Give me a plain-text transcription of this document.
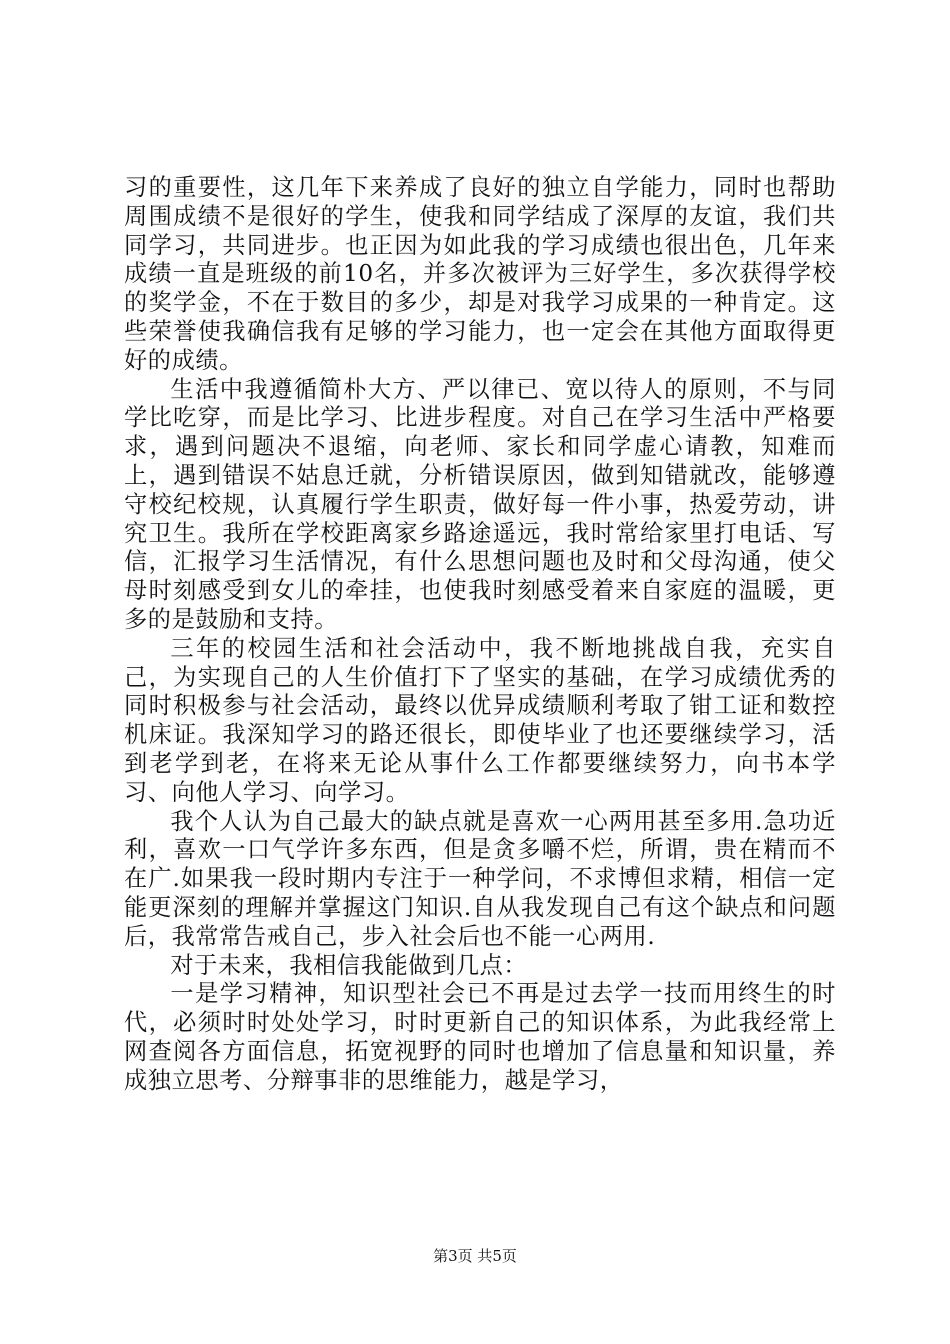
习的重要性，这几年下来养成了良好的独立自学能力，同时也帮助周围成绩不是很好的学生，使我和同学结成了深厚的友谊，我们共同学习，共同进步。也正因为如此我的学习成绩也很出色，几年来成绩一直是班级的前10名，并多次被评为三好学生，多次获得学校的奖学金，不在于数目的多少，却是对我学习成果的一种肯定。这些荣誉使我确信我有足够的学习能力，也一定会在其他方面取得更好的成绩。

生活中我遵循简朴大方、严以律已、宽以待人的原则，不与同学比吃穿，而是比学习、比进步程度。对自己在学习生活中严格要求，遇到问题决不退缩，向老师、家长和同学虚心请教，知难而上，遇到错误不姑息迁就，分析错误原因，做到知错就改，能够遵守校纪校规，认真履行学生职责，做好每一件小事，热爱劳动，讲究卫生。我所在学校距离家乡路途遥远，我时常给家里打电话、写信，汇报学习生活情况，有什么思想问题也及时和父母沟通，使父母时刻感受到女儿的牵挂，也使我时刻感受着来自家庭的温暖，更多的是鼓励和支持。

三年的校园生活和社会活动中，我不断地挑战自我，充实自己，为实现自己的人生价值打下了坚实的基础，在学习成绩优秀的同时积极参与社会活动，最终以优异成绩顺利考取了钳工证和数控机床证。我深知学习的路还很长，即使毕业了也还要继续学习，活到老学到老，在将来无论从事什么工作都要继续努力，向书本学习、向他人学习、向学习。

我个人认为自己最大的缺点就是喜欢一心两用甚至多用.急功近利，喜欢一口气学许多东西，但是贪多嚼不烂，所谓，贵在精而不在广.如果我一段时期内专注于一种学问，不求博但求精，相信一定能更深刻的理解并掌握这门知识.自从我发现自己有这个缺点和问题后，我常常告戒自己，步入社会后也不能一心两用.

对于未来，我相信我能做到几点：

一是学习精神，知识型社会已不再是过去学一技而用终生的时代，必须时时处处学习，时时更新自己的知识体系，为此我经常上网查阅各方面信息，拓宽视野的同时也增加了信息量和知识量，养成独立思考、分辩事非的思维能力，越是学习，

第3页 共5页
